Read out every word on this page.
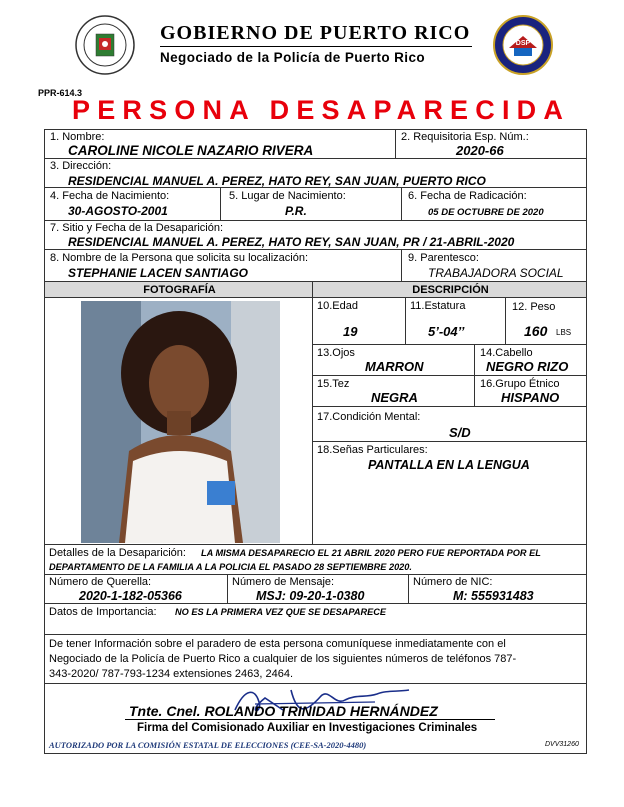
DSP
GOBIERNO DE PUERTO RICO
Negociado de la Policía de Puerto Rico
PPR-614.3
PERSONA DESAPARECIDA
1. Nombre:
CAROLINE NICOLE NAZARIO RIVERA
2. Requisitoria Esp. Núm.:
2020-66
3. Dirección:
RESIDENCIAL MANUEL A. PEREZ, HATO REY, SAN JUAN, PUERTO RICO
4. Fecha de Nacimiento:
30-AGOSTO-2001
5. Lugar de Nacimiento:
P.R.
6. Fecha de Radicación:
05 DE OCTUBRE DE 2020
7. Sitio y Fecha de la Desaparición:
RESIDENCIAL MANUEL A. PEREZ, HATO REY, SAN JUAN, PR / 21-ABRIL-2020
8. Nombre de la Persona que solicita su localización:
STEPHANIE LACEN SANTIAGO
9. Parentesco:
TRABAJADORA SOCIAL
FOTOGRAFÍA	DESCRIPCIÓN
10.Edad
19
11.Estatura
5’-04’’
12. Peso
160 LBS
13.Ojos
MARRON
14.Cabello
NEGRO RIZO
15.Tez
NEGRA
16.Grupo Étnico
HISPANO
17.Condición Mental:
S/D
18.Señas Particulares:
PANTALLA EN LA LENGUA
Detalles de la Desaparición: LA MISMA DESAPARECIO EL 21 ABRIL 2020 PERO FUE REPORTADA POR EL
DEPARTAMENTO DE LA FAMILIA A LA POLICIA EL PASADO 28 SEPTIEMBRE 2020.
Número de Querella:
2020-1-182-05366
Número de Mensaje:
MSJ: 09-20-1-0380
Número de NIC:
M: 555931483
Datos de Importancia: NO ES LA PRIMERA VEZ QUE SE DESAPARECE
De tener Información sobre el paradero de esta persona comuníquese inmediatamente con el
Negociado de la Policía de Puerto Rico a cualquier de los siguientes números de teléfonos 787-
343-2020/ 787-793-1234 extensiones 2463, 2464.
Tnte. Cnel. ROLANDO TRINIDAD HERNÁNDEZ
Firma del Comisionado Auxiliar en Investigaciones Criminales
AUTORIZADO POR LA COMISIÓN ESTATAL DE ELECCIONES (CEE-SA-2020-4480)	DVV31260
